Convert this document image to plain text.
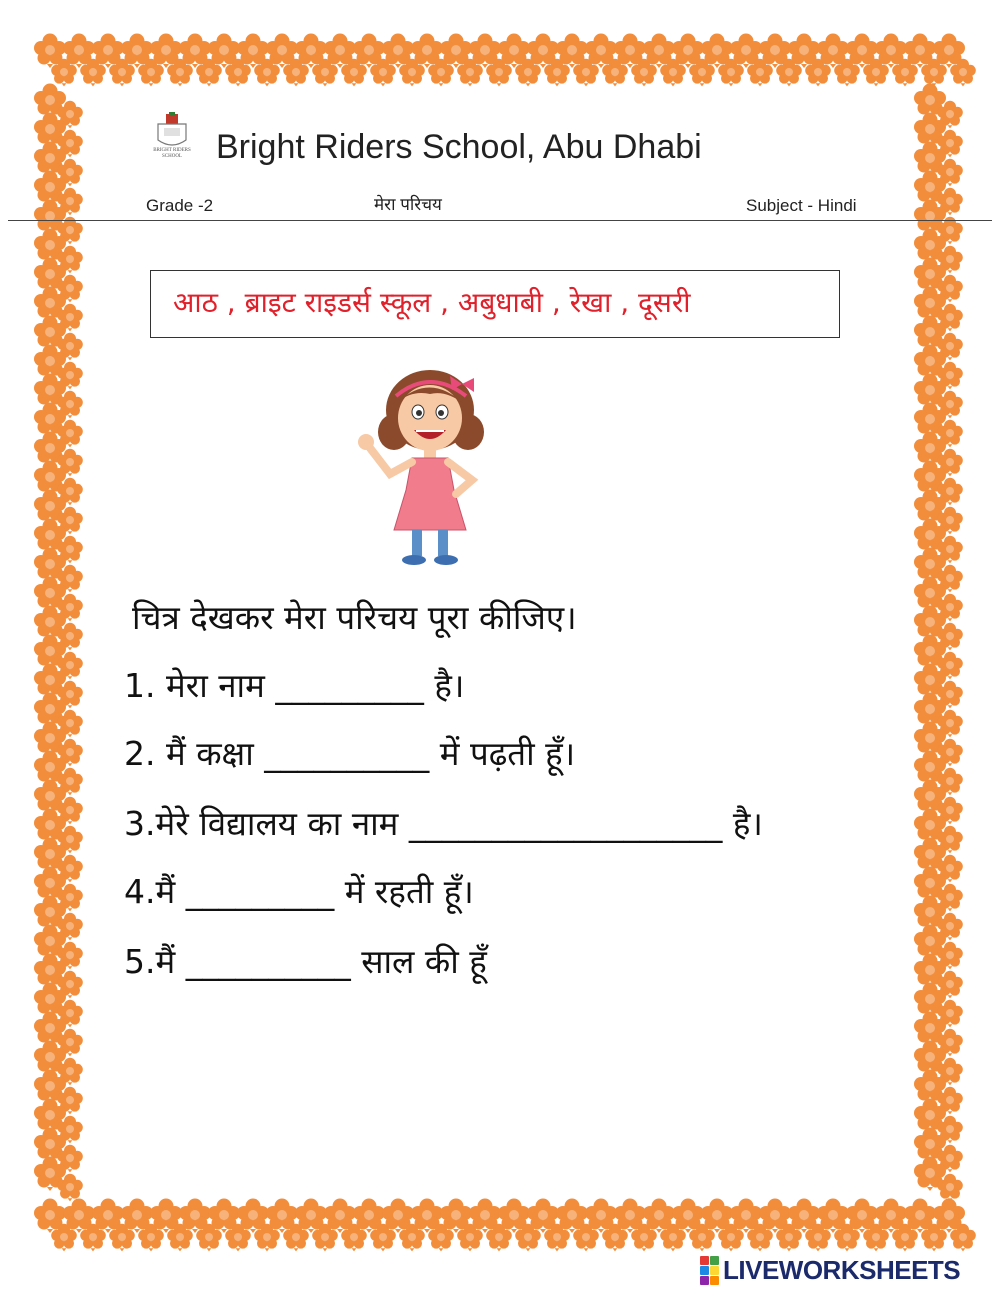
BRIGHT RIDERS SCHOOL	Bright Riders School, Abu Dhabi
Grade -2	मेरा परिचय	Subject - Hindi
आठ , ब्राइट राइडर्स स्कूल , अबुधाबी , रेखा , दूसरी
चित्र देखकर मेरा परिचय पूरा कीजिए।
1. मेरा नाम _________ है।
2. मैं कक्षा __________ में पढ़ती हूँ।
3.मेरे विद्यालय का नाम ___________________ है।
4.मैं _________ में रहती हूँ।
5.मैं __________ साल की हूँ
LIVEWORKSHEETS
